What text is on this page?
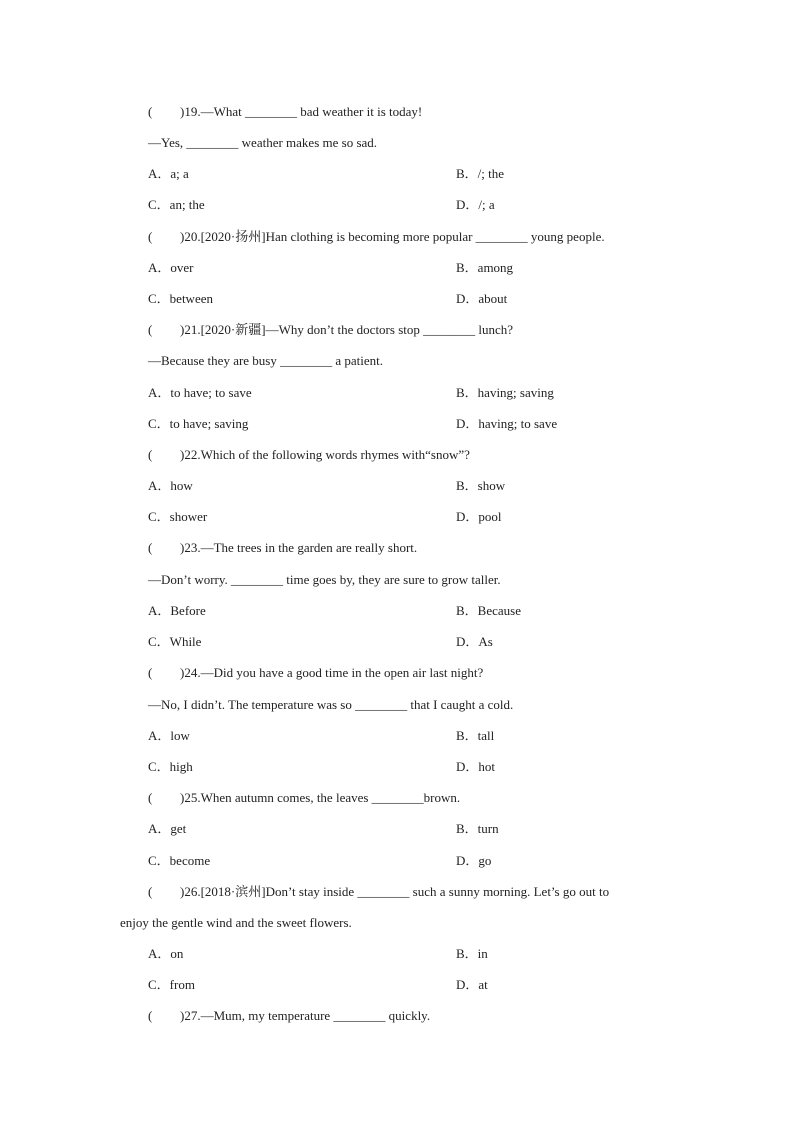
( )19.—What ________ bad weather it is today!
—Yes, ________ weather makes me so sad.
A．a; a	B．/; the
C．an; the	D．/; a
( )20.[2020·扬州]Han clothing is becoming more popular ________ young people.
A．over	B．among
C．between	D．about
( )21.[2020·新疆]—Why don’t the doctors stop ________ lunch?
—Because they are busy ________ a patient.
A．to have; to save	B．having; saving
C．to have; saving	D．having; to save
( )22.Which of the following words rhymes with“snow”?
A．how	B．show
C．shower	D．pool
( )23.—The trees in the garden are really short.
—Don’t worry. ________ time goes by, they are sure to grow taller.
A．Before	B．Because
C．While	D．As
( )24.—Did you have a good time in the open air last night?
—No, I didn’t. The temperature was so ________ that I caught a cold.
A．low	B．tall
C．high	D．hot
( )25.When autumn comes, the leaves ________brown.
A．get	B．turn
C．become	D．go
( )26.[2018·滨州]Don’t stay inside ________ such a sunny morning. Let’s go out to
enjoy the gentle wind and the sweet flowers.
A．on	B．in
C．from	D．at
( )27.—Mum, my temperature ________ quickly.
